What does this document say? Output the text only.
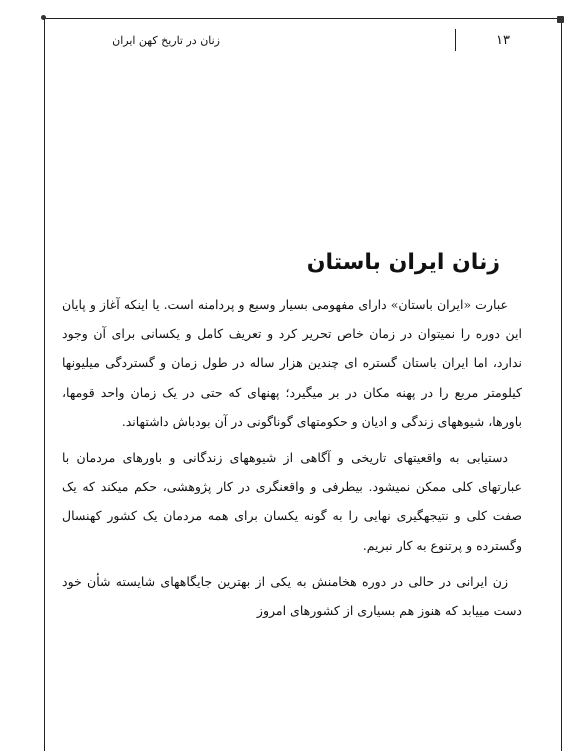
۱۳
زنان در تاریخ کهن ایران
زنان ایران باستان

عبارت «ایران باستان» دارای مفهومی بسیار وسیع و پردامنه است. یا اینکه آغاز و پایان این دوره را نمیتوان در زمان خاص تحریر کرد و تعریف کامل و یکسانی برای آن وجود ندارد، اما ایران باستان گستره ای چندین هزار ساله در طول زمان و گستردگی میلیونها کیلومتر مربع را در پهنه مکان در بر میگیرد؛ پهنهای که حتی در یک زمان واحد قومها، باورها، شیوههای زندگی و ادیان و حکومتهای گوناگونی در آن بودباش داشتهاند.

دستیابی به واقعیتهای تاریخی و آگاهی از شیوههای زندگانی و باورهای مردمان با عبارتهای کلی ممکن نمیشود. بیطرفی و واقعنگری در کار پژوهشی، حکم میکند که یک صفت کلی و نتیجهگیری نهایی را به گونه یکسان برای همه مردمان یک کشور کهنسال وگسترده و پرتنوع به کار نبریم.

زن ایرانی در حالی در دوره هخامنش به یکی از بهترین جایگاههای شایسته شأن خود دست مییابد که هنوز هم بسیاری از کشورهای امروز
